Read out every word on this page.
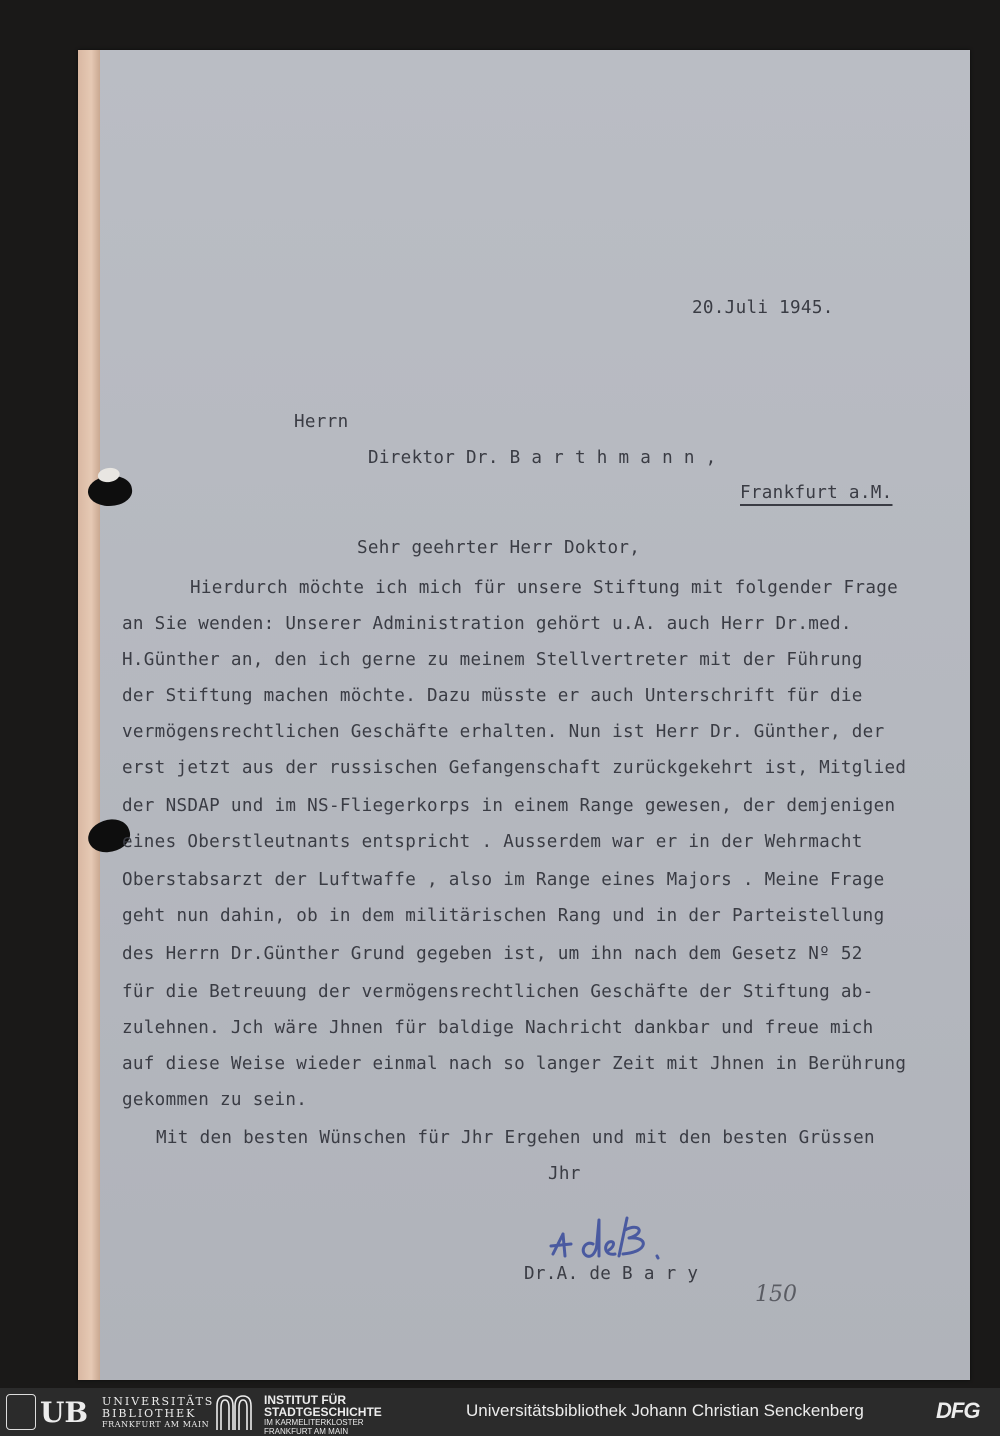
20.Juli 1945.
Herrn
Direktor Dr. B a r t h m a n n ,
Frankfurt a.M.
Sehr geehrter Herr Doktor,
Hierdurch möchte ich mich für unsere Stiftung mit folgender Frage
an Sie wenden: Unserer Administration gehört u.A. auch Herr Dr.med.
H.Günther an, den ich gerne zu meinem Stellvertreter mit der Führung
der Stiftung machen möchte. Dazu müsste er auch Unterschrift für die
vermögensrechtlichen Geschäfte erhalten. Nun ist Herr Dr. Günther, der
erst jetzt aus der russischen Gefangenschaft zurückgekehrt ist, Mitglied
der NSDAP und im NS-Fliegerkorps in einem Range gewesen, der demjenigen
eines Oberstleutnants entspricht . Ausserdem war er in der Wehrmacht
Oberstabsarzt der Luftwaffe , also im Range eines Majors . Meine Frage
geht nun dahin, ob in dem militärischen Rang und in der Parteistellung
des Herrn Dr.Günther Grund gegeben ist, um ihn nach dem Gesetz Nº 52
für die Betreuung der vermögensrechtlichen Geschäfte der Stiftung ab-
zulehnen. Jch wäre Jhnen für baldige Nachricht dankbar und freue mich
auf diese Weise wieder einmal nach so langer Zeit mit Jhnen in Berührung
gekommen zu sein.
Mit den besten Wünschen für Jhr Ergehen und mit den besten Grüssen
Jhr
Dr.A. de B a r y
150
UB UNIVERSITÄTS
BIBLIOTHEK
FRANKFURT AM MAIN
INSTITUT FÜR
STADTGESCHICHTE
IM KARMELITERKLOSTER
FRANKFURT AM MAIN
Universitätsbibliothek Johann Christian Senckenberg	DFG
